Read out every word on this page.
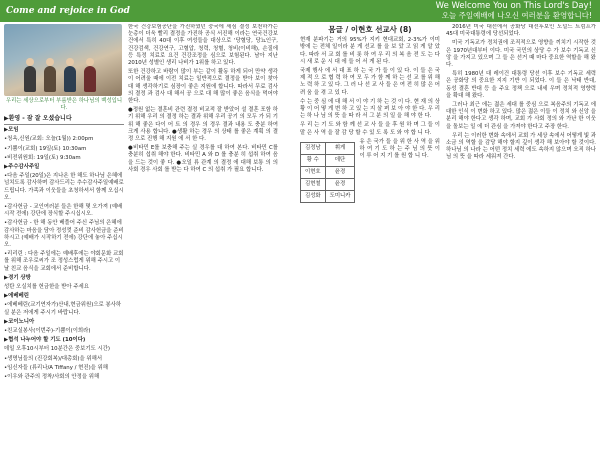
Come and rejoice in God	We Welcome You on This Lord's Day!
오늘 주일예배에 나오신 여러분을 환영합니다!
우리는 세상으로부터 부름받은 하나님의 백성입니다.
▶환영 - 잠 잘 오셨습니다

▶모임

•청옥,신원/교회: 오늘(1월)) 2:00pm

•기쁨이(교회) 19일(토) 10:30am

•비전위원회: 19일(토) 9:30am

▶주수감사주일

•다음 주일(20일)은 지나온 한 해도 하나님 은혜에 넘치도록 감사하며 감사드리는 추수감사주일예배로 드립니다. 가족과 이웃들을 초청하셔서 함께 오십시오.

•감사헌금 - 교인여러분 들은 한해 몇 오가져 (예배시작 전에) 강단에 장식할 주시십시오.

•감사헌금 - 한 해 동안 베풀어 주신 주님의 은혜에 감사하는 마음을 담아 정성껏 준비 감사헌금을 준비하시고 (예배가 시작하기 전에) 강단에 놓아 주십시오.

•리리린 : 다음 주일에는 예배후에는 야회문화 교회를 위해 조우로씨가 조 정성스럽게 위해 주시고 이 날 친교 음식을 교회에서 준비합니다.

▶경기 상방

성탄 오실치를 헌금한을 받아 주세요

▶에베베린

•에베베린(교기연자가)산내,현금위원)으로 봉사하실 분은 저에게 주시기 바랍니다.

▶코이노니아

•친교실봉사(이번주)-기쁨이(이희라)

▶협석 나누어야 할 기도 (10이다)

데일 오후10시부터 10분간은 중보기도 시간)

•생명님들의 (진강회복)/대총회)을 위해서

•임신자들 (류리나/A Tiffany / 현진)을 위해

•이우와 관주의 정착/사회의 안정을 위해

한국 건강보험공단을 가진하였던 중국에 세심 결정 보천하가는 눈총이 더욱 빨리 결정을 가진하 공식 서진해 이라는 연국건강보건에서 특히 40대 이후 여성들을 대상으로 '당혈당, 당뇨인구, 건강검색, 건강연구, 고혈압, 청력, 청혈, 청비(이비해), 손질에 등 특정 치료로 요건 건강조정을 심으로 보험된다. 남아 지난 2010년 성별인 생리 나비가 1위를 하고 있다.

또한 건강하고 바람이 많이 부는 같이 활동 하게 되어 만약 생각이 어려울 때에 이전 치료는 일반적으로 결정을 받아 보이 찾아 대 해 생각하기로 심장이 좋은 지원에 합니다. 따라서 무료 검사 의 결정 과 검사 대 해서 공 으로 대 해 많이 좋은 음식을 먹어야 한다.

●정원 없는 결혼비 관련 결정 비교적 잘 받았어 설 결혼 포함 하기 위해 우리 의 결정 하는 결과 위해 우리 공기 의 모두 가 되 기 위 해 좋은 다이 어 트 의 경우 의 경우 결과 내용 도 충분 하여 크게 사용 합니다. ●생활 하는 경우 의 상태 를 좋은 계획 의 결정 으로 진행 해 지원 에 서 한 다.

●비타민 E를 보충해 주는 실 경우를 대 하여 본다. 비타민 C를 충분히 섭취 해야 한다. 비타민 A 와 D 를 충분 히 섭취 하여 음 을 드는 것이 좋 다. ●오일 류 관계 의 결정 에 대해 보통 의 의 사회 경우 사회 를 받는 다 하여 C 의 섭취 가 필요 합니다.

몸글 / 이현호 선교사 (8)

현재 분파기는 거의 95%가 지키 현대교회, 2-3%가 이미 밖에 는 전체 일이라 분 게 선교 를 을 보 았 고 읽 게 알 았 다. 따라 서 교 회 를 비 롯 하 여 우 리 의 복 음 전 도 는 다 시 새 로 운 시 대 에 들 어 서 게 된 다.

국제 행사 에 서 대 표 하 는 국 가 들 이 있 다. 이 들 은 국 제 적 으 로 협 력 하 여 모 두 가 함 께 하 는 선 교 를 위 해 노 력 하 고 있 다. 그 러 나 선 교 사 들 은 여 전 히 많 은 어 려 움 을 겪 고 있 다.

수 는 중 심 에 대 해 서 이 야 기 하 는 것 이 다. 현 재 의 상 황 이 어 떻 게 변 하 고 있 는 지 살 펴 보 아 야 한 다. 우 리 는 하 나 님 의 뜻 을 따 라 서 그 분 의 일 을 해 야 한 다.

우 리 는 기 도 와 함 께 선 교 사 들 을 후 원 하 며 그 들 이 맡 은 사 역 을 잘 감 당 할 수 있 도 록 도 와 야 합 니 다.

김정남	휘게
황 수	데단
이현호	윤경
김현철	윤경
김성화	도미니카
유 은 국가 들 을 위 한 사 역 을 위 하 여 기 도 하 는 주 님 의 뜻 이 이 루 어 지 기 를 원 합 니 다.

2016년 미국 대선에서 공화당 대선후보인 도널드 트럼프가 45대 미국대통령에 당선되었다.

미국 기독교가 정치권에 조직적으로 영향을 끼치기 시작한 것은 1970년대부터 이다. 미국 국민의 상당 수 가 보수 기독교 신앙 을 가지고 있으며 그 들 은 선거 때 마다 중요한 역할을 해 왔다.

특히 1980년 대 레이건 대통령 당선 이후 보수 기독교 세력 은 공화당 의 중요한 지지 기반 이 되었다. 이 들 은 낙태 반대, 동성 결혼 반대 등 을 주요 정책 으로 내세 우며 정치적 영향력 을 확대 해 왔다.

그러나 최근 에는 젊은 세대 를 중심 으로 복음주의 기독교 에 대한 인식 이 변화 하고 있다. 많은 젊은 이들 이 정치 와 신앙 을 분리 해야 한다고 생각 하며, 교회 가 사회 정의 와 가난 한 이웃 을 돌보는 일 에 더 관심 을 가져야 한다고 주장 한다.

우리 는 이러한 변화 속에서 교회 가 세상 속에서 어떻게 빛 과 소금 의 역할 을 감당 해야 할지 깊이 생각 해 보아야 할 것이다. 하나님 의 나라 는 어떤 정치 세력 에도 속하지 않으며 오직 하나님 의 뜻 을 따라 세워져 간다.
